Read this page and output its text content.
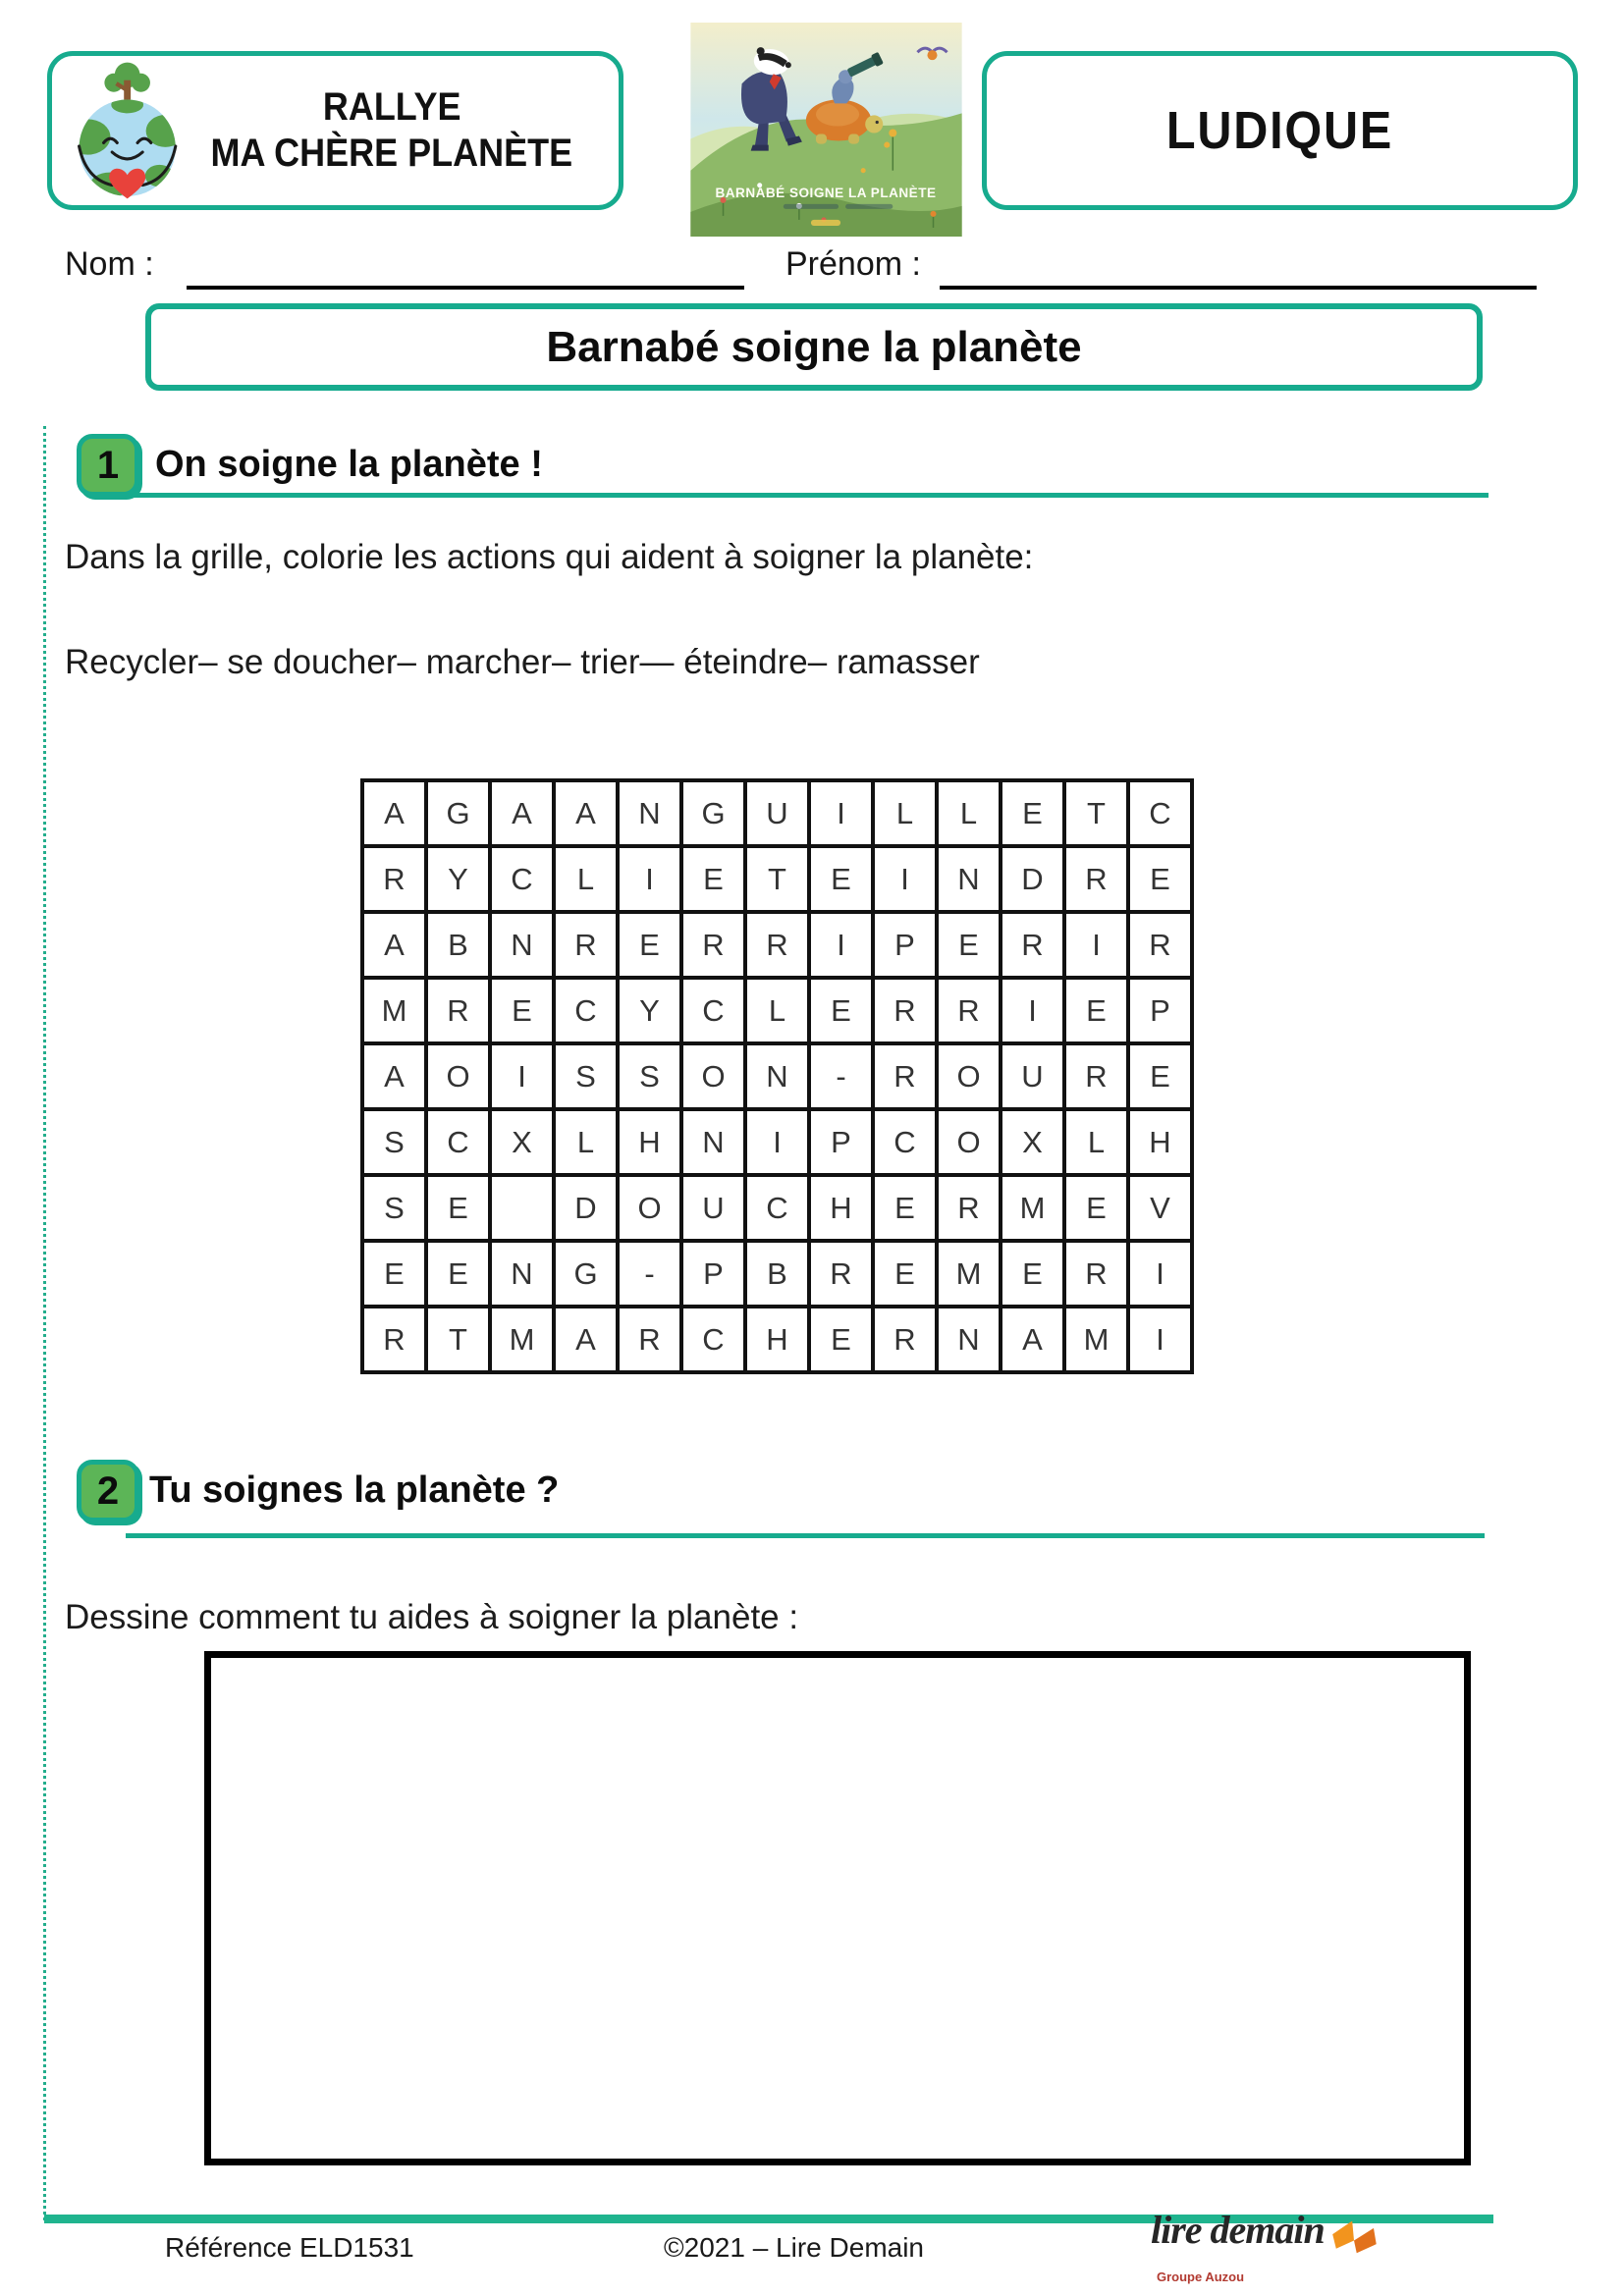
RALLYE
MA CHÈRE PLANÈTE
BARNABÉ SOIGNE LA PLANÈTE
LUDIQUE
Nom :	Prénom :
Barnabé soigne la planète
1 On soigne la planète !
Dans la grille, colorie les actions qui aident à soigner la planète:
Recycler– se doucher– marcher– trier— éteindre– ramasser
A	G	A	A	N	G	U	I	L	L	E	T	C
R	Y	C	L	I	E	T	E	I	N	D	R	E
A	B	N	R	E	R	R	I	P	E	R	I	R
M	R	E	C	Y	C	L	E	R	R	I	E	P
A	O	I	S	S	O	N	-	R	O	U	R	E
S	C	X	L	H	N	I	P	C	O	X	L	H
S	E		D	O	U	C	H	E	R	M	E	V
E	E	N	G	-	P	B	R	E	M	E	R	I
R	T	M	A	R	C	H	E	R	N	A	M	I
2 Tu soignes la planète ?
Dessine comment tu aides à soigner la planète :
Référence ELD1531	©2021 – Lire Demain	lire demain
Groupe Auzou
